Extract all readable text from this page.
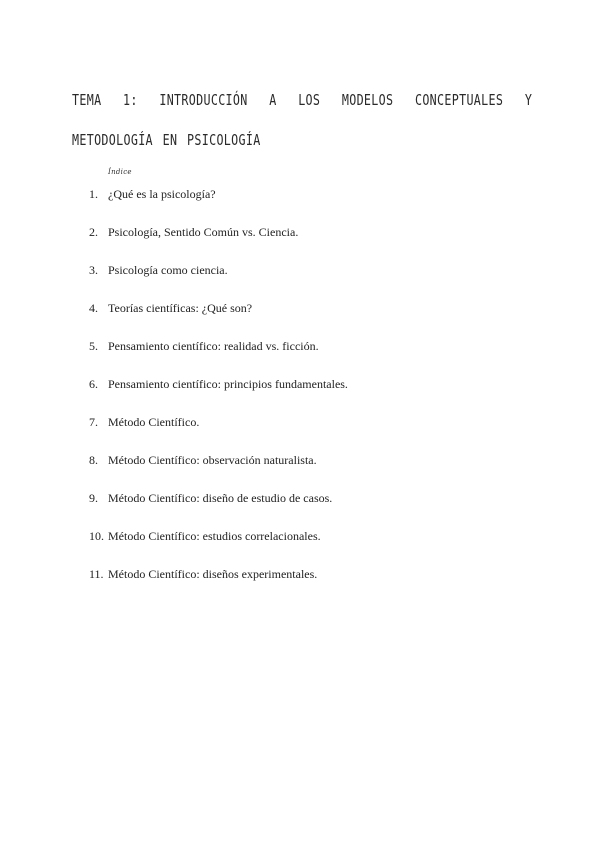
TEMA 1: INTRODUCCIÓN A LOS MODELOS CONCEPTUALES Y METODOLOGÍA EN PSICOLOGÍA
Índice
1. ¿Qué es la psicología?
2. Psicología, Sentido Común vs. Ciencia.
3. Psicología como ciencia.
4. Teorías científicas: ¿Qué son?
5. Pensamiento científico: realidad vs. ficción.
6. Pensamiento científico: principios fundamentales.
7. Método Científico.
8. Método Científico: observación naturalista.
9. Método Científico: diseño de estudio de casos.
10. Método Científico: estudios correlacionales.
11. Método Científico: diseños experimentales.
